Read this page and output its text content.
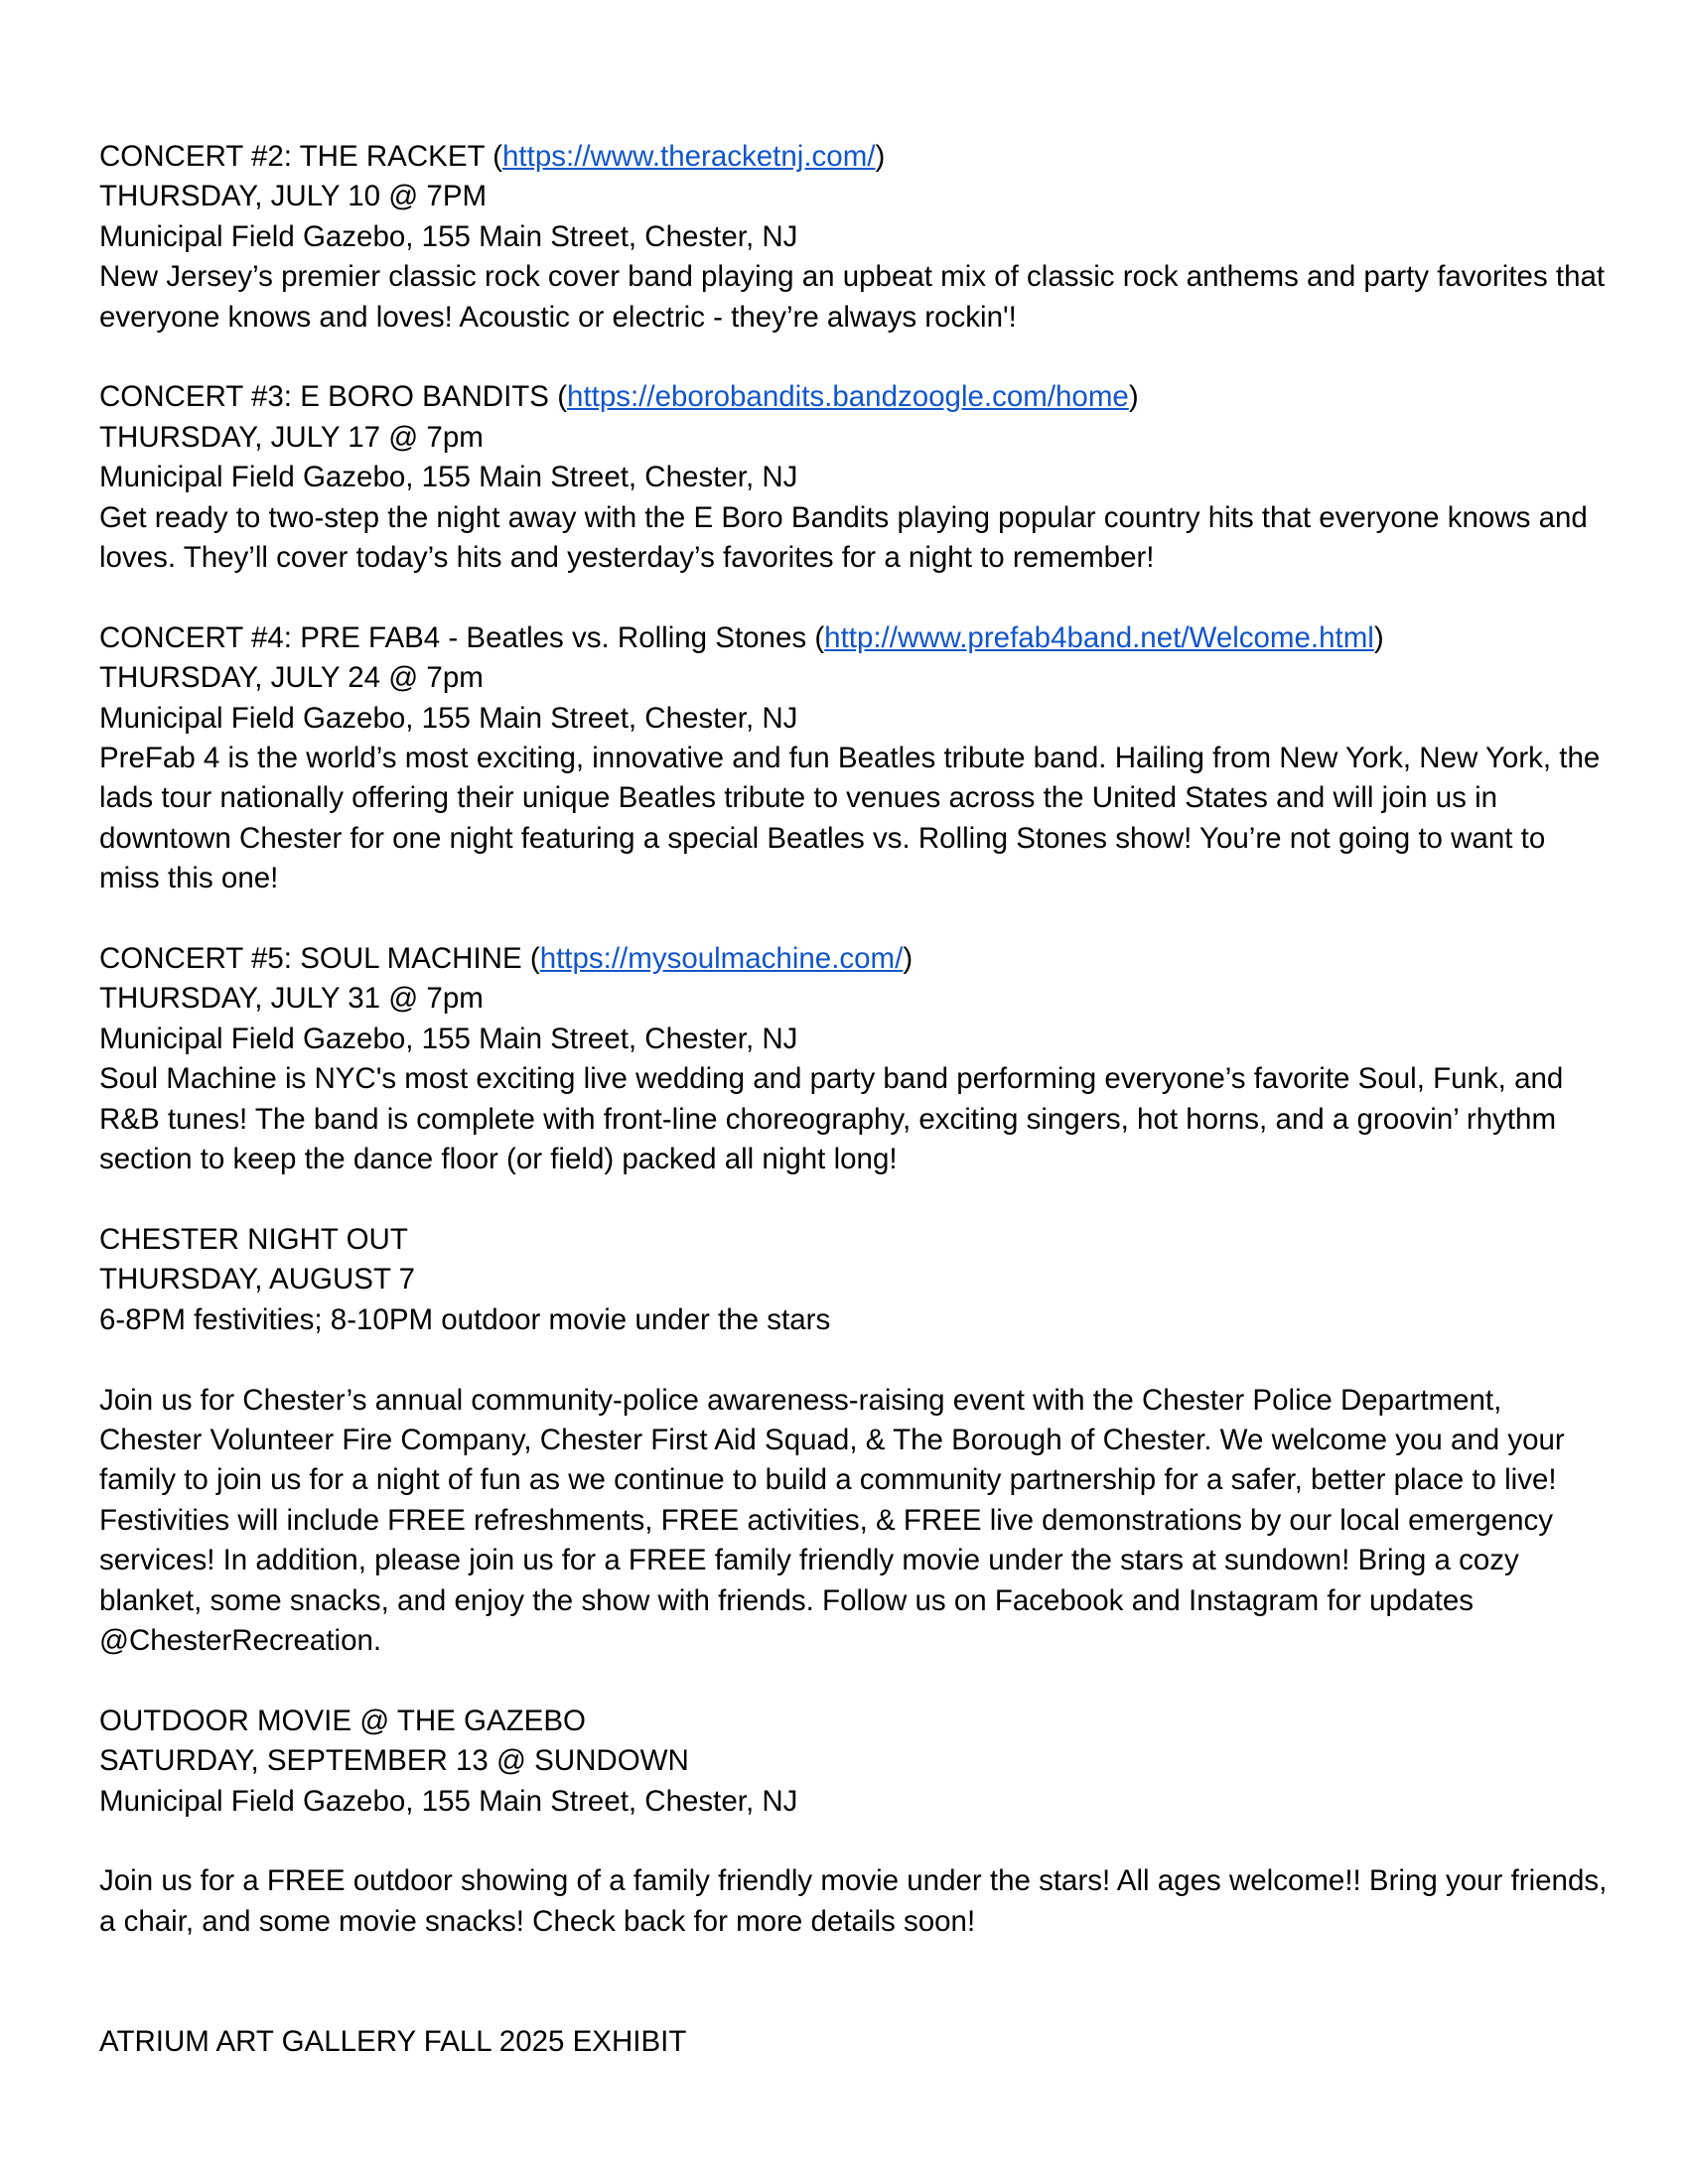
CONCERT #2: THE RACKET (https://www.theracketnj.com/)
THURSDAY, JULY 10 @ 7PM
Municipal Field Gazebo, 155 Main Street, Chester, NJ
New Jersey’s premier classic rock cover band playing an upbeat mix of classic rock anthems and party favorites that everyone knows and loves! Acoustic or electric - they’re always rockin'!
CONCERT #3: E BORO BANDITS (https://eborobandits.bandzoogle.com/home)
THURSDAY, JULY 17 @ 7pm
Municipal Field Gazebo, 155 Main Street, Chester, NJ
Get ready to two-step the night away with the E Boro Bandits playing popular country hits that everyone knows and loves. They’ll cover today’s hits and yesterday’s favorites for a night to remember!
CONCERT #4: PRE FAB4 - Beatles vs. Rolling Stones (http://www.prefab4band.net/Welcome.html)
THURSDAY, JULY 24 @ 7pm
Municipal Field Gazebo, 155 Main Street, Chester, NJ
PreFab 4 is the world’s most exciting, innovative and fun Beatles tribute band. Hailing from New York, New York, the lads tour nationally offering their unique Beatles tribute to venues across the United States and will join us in downtown Chester for one night featuring a special Beatles vs. Rolling Stones show! You’re not going to want to miss this one!
CONCERT #5: SOUL MACHINE (https://mysoulmachine.com/)
THURSDAY, JULY 31 @ 7pm
Municipal Field Gazebo, 155 Main Street, Chester, NJ
Soul Machine is NYC's most exciting live wedding and party band performing everyone’s favorite Soul, Funk, and R&B tunes! The band is complete with front-line choreography, exciting singers, hot horns, and a groovin’ rhythm section to keep the dance floor (or field) packed all night long!
CHESTER NIGHT OUT
THURSDAY, AUGUST 7
6-8PM festivities; 8-10PM outdoor movie under the stars
Join us for Chester’s annual community-police awareness-raising event with the Chester Police Department, Chester Volunteer Fire Company, Chester First Aid Squad, & The Borough of Chester. We welcome you and your family to join us for a night of fun as we continue to build a community partnership for a safer, better place to live! Festivities will include FREE refreshments, FREE activities, & FREE live demonstrations by our local emergency services! In addition, please join us for a FREE family friendly movie under the stars at sundown! Bring a cozy blanket, some snacks, and enjoy the show with friends. Follow us on Facebook and Instagram for updates @ChesterRecreation.
OUTDOOR MOVIE @ THE GAZEBO
SATURDAY, SEPTEMBER 13 @ SUNDOWN
Municipal Field Gazebo, 155 Main Street, Chester, NJ
Join us for a FREE outdoor showing of a family friendly movie under the stars! All ages welcome!! Bring your friends, a chair, and some movie snacks! Check back for more details soon!
ATRIUM ART GALLERY FALL 2025 EXHIBIT
